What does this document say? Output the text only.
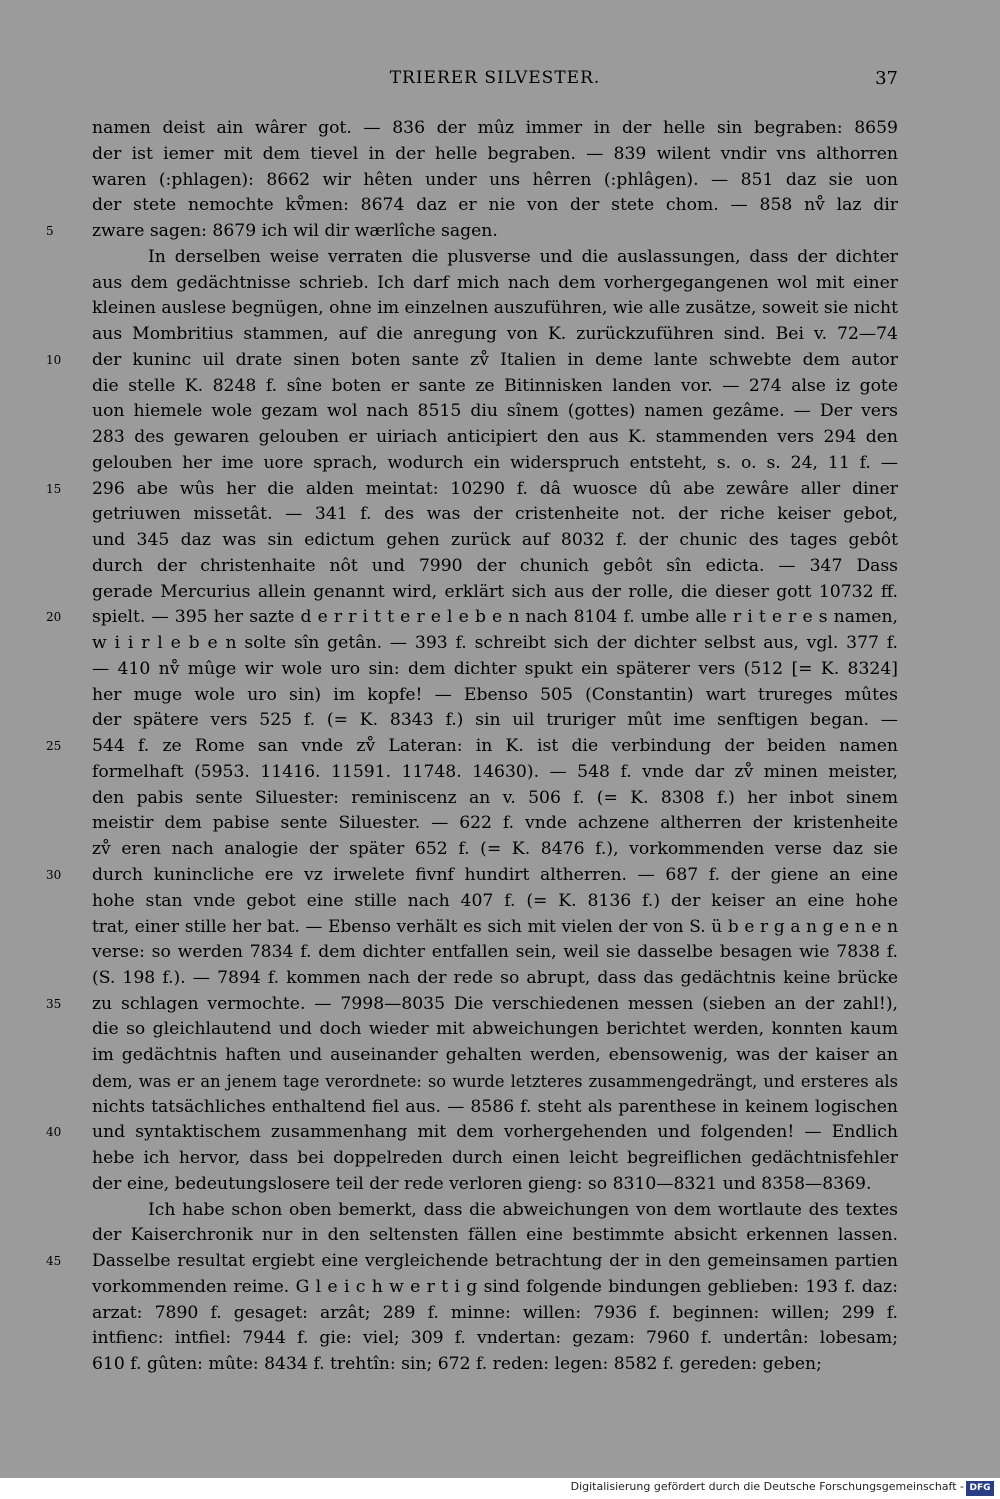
TRIERER SILVESTER.	37
namen deist ain wârer got. — 836 der mûz immer in der helle sin begraben: 8659
der ist iemer mit dem tievel in der helle begraben. — 839 wilent vndir vns althorren
waren (:phlagen): 8662 wir hêten under uns hêrren (:phlâgen). — 851 daz sie uon
der stete nemochte kv̊men: 8674 daz er nie von der stete chom. — 858 nv̊ laz dir
zware sagen: 8679 ich wil dir wærlîche sagen.
5
In derselben weise verraten die plusverse und die auslassungen, dass der dichter
aus dem gedächtnisse schrieb. Ich darf mich nach dem vorhergegangenen wol mit einer
kleinen auslese begnügen, ohne im einzelnen auszuführen, wie alle zusätze, soweit sie nicht
aus Mombritius stammen, auf die anregung von K. zurückzuführen sind. Bei v. 72—74
der kuninc uil drate sinen boten sante zv̊ Italien in deme lante schwebte dem autor
10
die stelle K. 8248 f. sîne boten er sante ze Bitinnisken landen vor. — 274 alse iz gote
uon hiemele wole gezam wol nach 8515 diu sînem (gottes) namen gezâme. — Der vers
283 des gewaren gelouben er uiriach anticipiert den aus K. stammenden vers 294 den
gelouben her ime uore sprach, wodurch ein widerspruch entsteht, s. o. s. 24, 11 f. —
296 abe wûs her die alden meintat: 10290 f. dâ wuosce dû abe zewâre aller diner
15
getriuwen missetât. — 341 f. des was der cristenheite not. der riche keiser gebot,
und 345 daz was sin edictum gehen zurück auf 8032 f. der chunic des tages gebôt
durch der christenhaite nôt und 7990 der chunich gebôt sîn edicta. — 347 Dass
gerade Mercurius allein genannt wird, erklärt sich aus der rolle, die dieser gott 10732 ff.
spielt. — 395 her sazte d e r r i t t e r e l e b e n nach 8104 f. umbe alle r i t e r e s namen,
20
w i i r l e b e n solte sîn getân. — 393 f. schreibt sich der dichter selbst aus, vgl. 377 f.
— 410 nv̊ mûge wir wole uro sin: dem dichter spukt ein späterer vers (512 [= K. 8324]
her muge wole uro sin) im kopfe! — Ebenso 505 (Constantin) wart trureges mûtes
der spätere vers 525 f. (= K. 8343 f.) sin uil truriger mût ime senftigen began. —
544 f. ze Rome san vnde zv̊ Lateran: in K. ist die verbindung der beiden namen
25
formelhaft (5953. 11416. 11591. 11748. 14630). — 548 f. vnde dar zv̊ minen meister,
den pabis sente Siluester: reminiscenz an v. 506 f. (= K. 8308 f.) her inbot sinem
meistir dem pabise sente Siluester. — 622 f. vnde achzene altherren der kristenheite
zv̊ eren nach analogie der später 652 f. (= K. 8476 f.), vorkommenden verse daz sie
durch kunincliche ere vz irwelete fivnf hundirt altherren. — 687 f. der giene an eine
30
hohe stan vnde gebot eine stille nach 407 f. (= K. 8136 f.) der keiser an eine hohe
trat, einer stille her bat. — Ebenso verhält es sich mit vielen der von S. ü b e r g a n g e n e n
verse: so werden 7834 f. dem dichter entfallen sein, weil sie dasselbe besagen wie 7838 f.
(S. 198 f.). — 7894 f. kommen nach der rede so abrupt, dass das gedächtnis keine brücke
zu schlagen vermochte. — 7998—8035 Die verschiedenen messen (sieben an der zahl!),
35
die so gleichlautend und doch wieder mit abweichungen berichtet werden, konnten kaum
im gedächtnis haften und auseinander gehalten werden, ebensowenig, was der kaiser an
dem, was er an jenem tage verordnete: so wurde letzteres zusammengedrängt, und ersteres als
nichts tatsächliches enthaltend fiel aus. — 8586 f. steht als parenthese in keinem logischen
und syntaktischem zusammenhang mit dem vorhergehenden und folgenden! — Endlich
40
hebe ich hervor, dass bei doppelreden durch einen leicht begreiflichen gedächtnisfehler
der eine, bedeutungslosere teil der rede verloren gieng: so 8310—8321 und 8358—8369.
Ich habe schon oben bemerkt, dass die abweichungen von dem wortlaute des textes
der Kaiserchronik nur in den seltensten fällen eine bestimmte absicht erkennen lassen.
Dasselbe resultat ergiebt eine vergleichende betrachtung der in den gemeinsamen partien
45
vorkommenden reime. G l e i c h w e r t i g sind folgende bindungen geblieben: 193 f. daz:
arzat: 7890 f. gesaget: arzât; 289 f. minne: willen: 7936 f. beginnen: willen; 299 f.
intfienc: intfiel: 7944 f. gie: viel; 309 f. vndertan: gezam: 7960 f. undertân: lobesam;
610 f. gûten: mûte: 8434 f. trehtîn: sin; 672 f. reden: legen: 8582 f. gereden: geben;
Digitalisierung gefördert durch die Deutsche Forschungsgemeinschaft - DFG
